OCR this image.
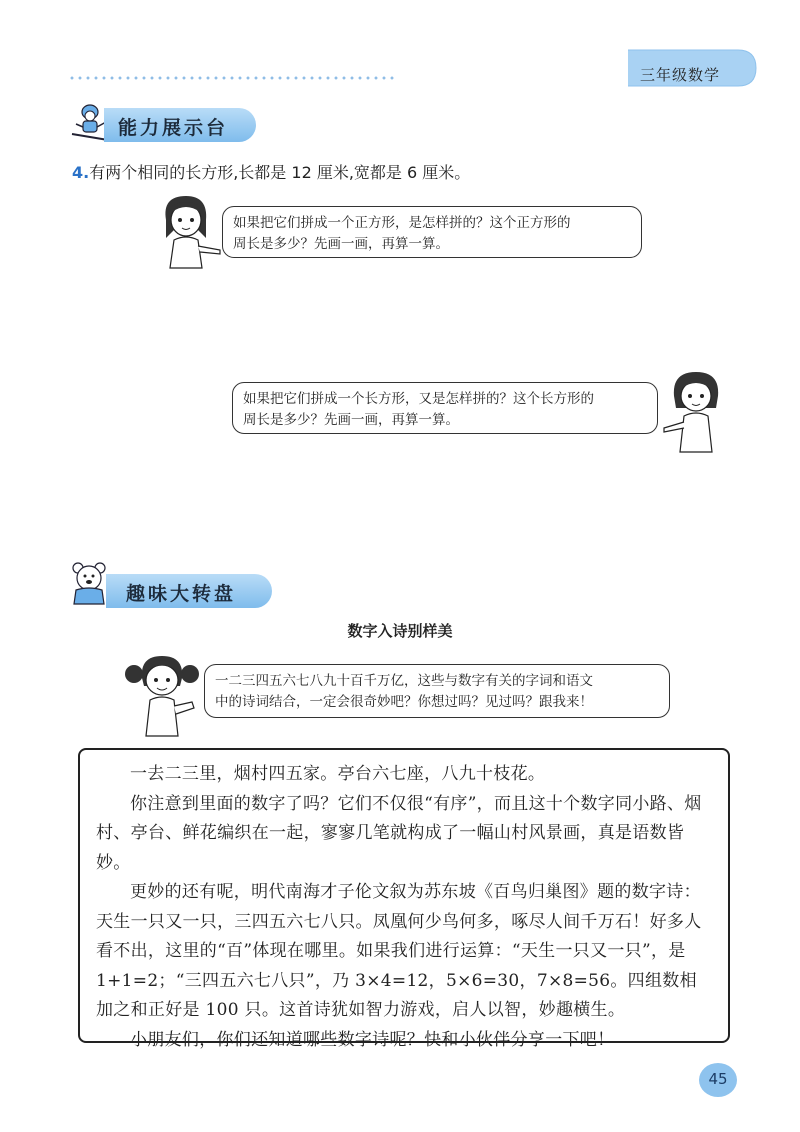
三年级数学
能力展示台
4.有两个相同的长方形,长都是 12 厘米,宽都是 6 厘米。
如果把它们拼成一个正方形，是怎样拼的？这个正方形的
周长是多少？先画一画，再算一算。
如果把它们拼成一个长方形，又是怎样拼的？这个长方形的
周长是多少？先画一画，再算一算。
趣味大转盘
数字入诗别样美
一二三四五六七八九十百千万亿，这些与数字有关的字词和语文
中的诗词结合，一定会很奇妙吧？你想过吗？见过吗？跟我来！

一去二三里，烟村四五家。亭台六七座，八九十枝花。

你注意到里面的数字了吗？它们不仅很“有序”，而且这十个数字同小路、烟村、亭台、鲜花编织在一起，寥寥几笔就构成了一幅山村风景画，真是语数皆妙。

更妙的还有呢，明代南海才子伦文叙为苏东坡《百鸟归巢图》题的数字诗：天生一只又一只，三四五六七八只。凤凰何少鸟何多，啄尽人间千万石！好多人看不出，这里的“百”体现在哪里。如果我们进行运算：“天生一只又一只”，是 1+1=2；“三四五六七八只”，乃 3×4=12，5×6=30，7×8=56。四组数相加之和正好是 100 只。这首诗犹如智力游戏，启人以智，妙趣横生。

小朋友们，你们还知道哪些数字诗呢？快和小伙伴分享一下吧！

45
